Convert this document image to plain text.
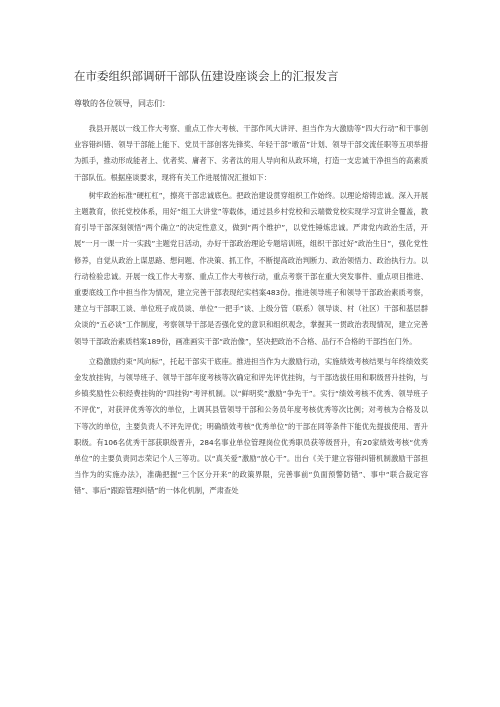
在市委组织部调研干部队伍建设座谈会上的汇报发言
尊敬的各位领导，同志们：

我县开展以一线工作大考察、重点工作大考核、干部作风大讲评、担当作为大激励等“四大行动”和干事创业容错纠错、领导干部能上能下、党员干部创客先锋奖、年轻干部“墩苗”计划、领导干部交流任职等五项举措为抓手，推动形成能者上、优者奖、庸者下、劣者汰的用人导向和从政环境，打造一支忠诚干净担当的高素质干部队伍。根据座谈要求，现将有关工作进展情况汇报如下：

树牢政治标准“硬杠杠”，擦亮干部忠诚底色。把政治建设贯穿组织工作始终。以理论熔铸忠诚。深入开展主题教育，依托党校体系，用好“组工大讲堂”等载体，通过县乡村党校和云端微党校实现学习宣讲全覆盖，教育引导干部深刻领悟“两个确立”的决定性意义，做到“两个维护”，以党性锤炼忠诚。严肃党内政治生活，开展“一月一课一片一实践”主题党日活动，办好干部政治理论专题培训班，组织干部过好“政治生日”，强化党性修养，自觉从政治上谋思路、想问题、作决策、抓工作，不断提高政治判断力、政治领悟力、政治执行力。以行动检验忠诚。开展一线工作大考察、重点工作大考核行动，重点考察干部在重大突发事件、重点项目推进、重要底线工作中担当作为情况，建立完善干部表现纪实档案483份。推进领导班子和领导干部政治素质考察，建立与干部职工谈、单位班子成员谈、单位“一把手”谈、上级分管（联系）领导谈、村（社区）干部和基层群众谈的“五必谈”工作制度，考察领导干部是否强化党的意识和组织观念，掌握其一贯政治表现情况，建立完善领导干部政治素质档案189份，画准画实干部“政治像”，坚决把政治不合格、品行不合格的干部挡在门外。

立稳激励约束“风向标”，托起干部实干底座。推进担当作为大激励行动，实施绩效考核结果与年终绩效奖金发放挂钩，与领导班子、领导干部年度考核等次确定和评先评优挂钩，与干部选拔任用和职级晋升挂钩，与乡镇奖励性公积经费挂钩的“四挂钩”考评机制。以“鲜明奖”激励“争先干”。实行“绩效考核不优秀、领导班子不评优”，对获评优秀等次的单位，上调其县管领导干部和公务员年度考核优秀等次比例；对考核为合格及以下等次的单位，主要负责人不评先评优；明确绩效考核“优秀单位”的干部在同等条件下能优先提拔使用、晋升职级。有106名优秀干部获职级晋升，284名事业单位管理岗位优秀职员获等级晋升，有20家绩效考核“优秀单位”的主要负责同志荣记个人三等功。以“真关爱”激励“放心干”。出台《关于建立容错纠错机制激励干部担当作为的实施办法》，准确把握“三个区分开来”的政策界限，完善事前“负面预警防错”、事中“联合裁定容错”、事后“跟踪管理纠错”的一体化机制，严肃查处
